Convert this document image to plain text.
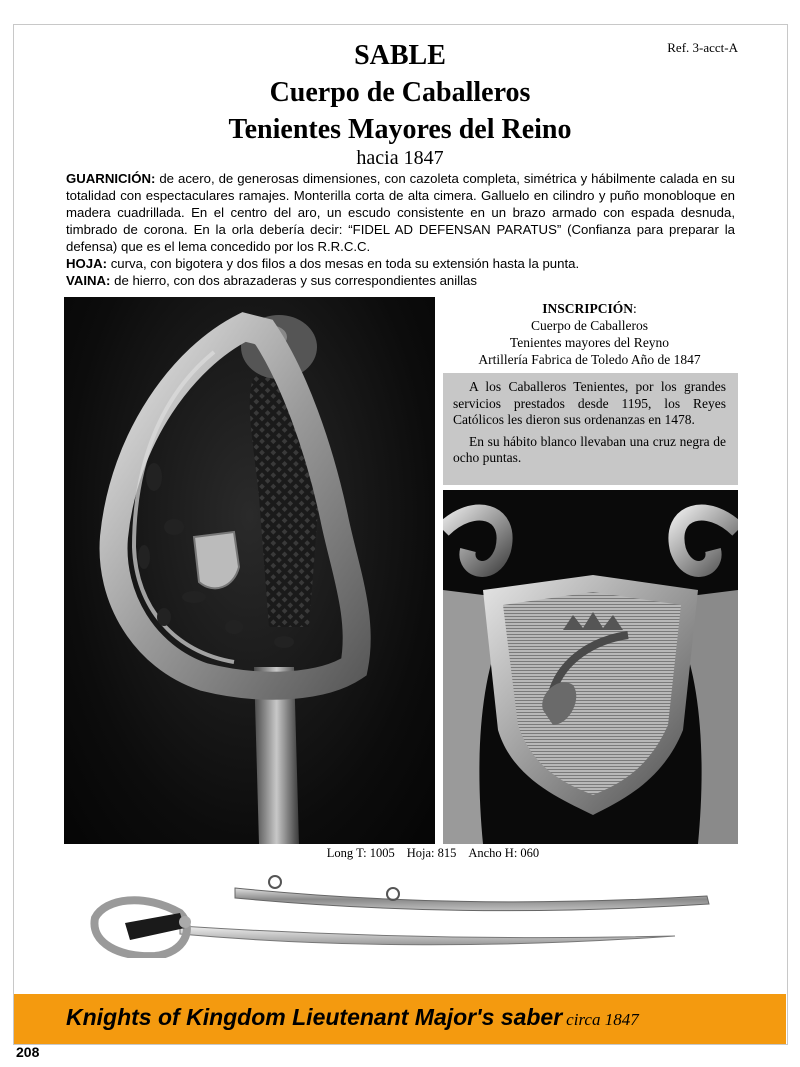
Ref. 3-acct-A
SABLE
Cuerpo de Caballeros
Tenientes Mayores del Reino
hacia 1847
GUARNICIÓN: de acero, de generosas dimensiones, con cazoleta completa, simétrica y hábilmente calada en su totalidad con espectaculares ramajes. Monterilla corta de alta cimera. Galluelo en cilindro y puño monobloque en madera cuadrillada. En el centro del aro, un escudo consistente en un brazo armado con espada desnuda, timbrado de corona. En la orla debería decir: “FIDEL AD DEFENSAN PARATUS” (Confianza para preparar la defensa) que es el lema concedido por los R.R.C.C.
HOJA: curva, con bigotera y dos filos a dos mesas en toda su extensión hasta la punta.
VAINA: de hierro, con dos abrazaderas y sus correspondientes anillas
INSCRIPCIÓN:
Cuerpo de Caballeros
Tenientes mayores del Reyno
Artillería Fabrica de Toledo Año de 1847

A los Caballeros Tenientes, por los grandes servicios prestados desde 1195, los Reyes Católicos les dieron sus ordenanzas en 1478.

En su hábito blanco llevaban una cruz negra de ocho puntas.

Long T: 1005 Hoja: 815 Ancho H: 060
Knights of Kingdom Lieutenant Major's saber circa 1847
208
